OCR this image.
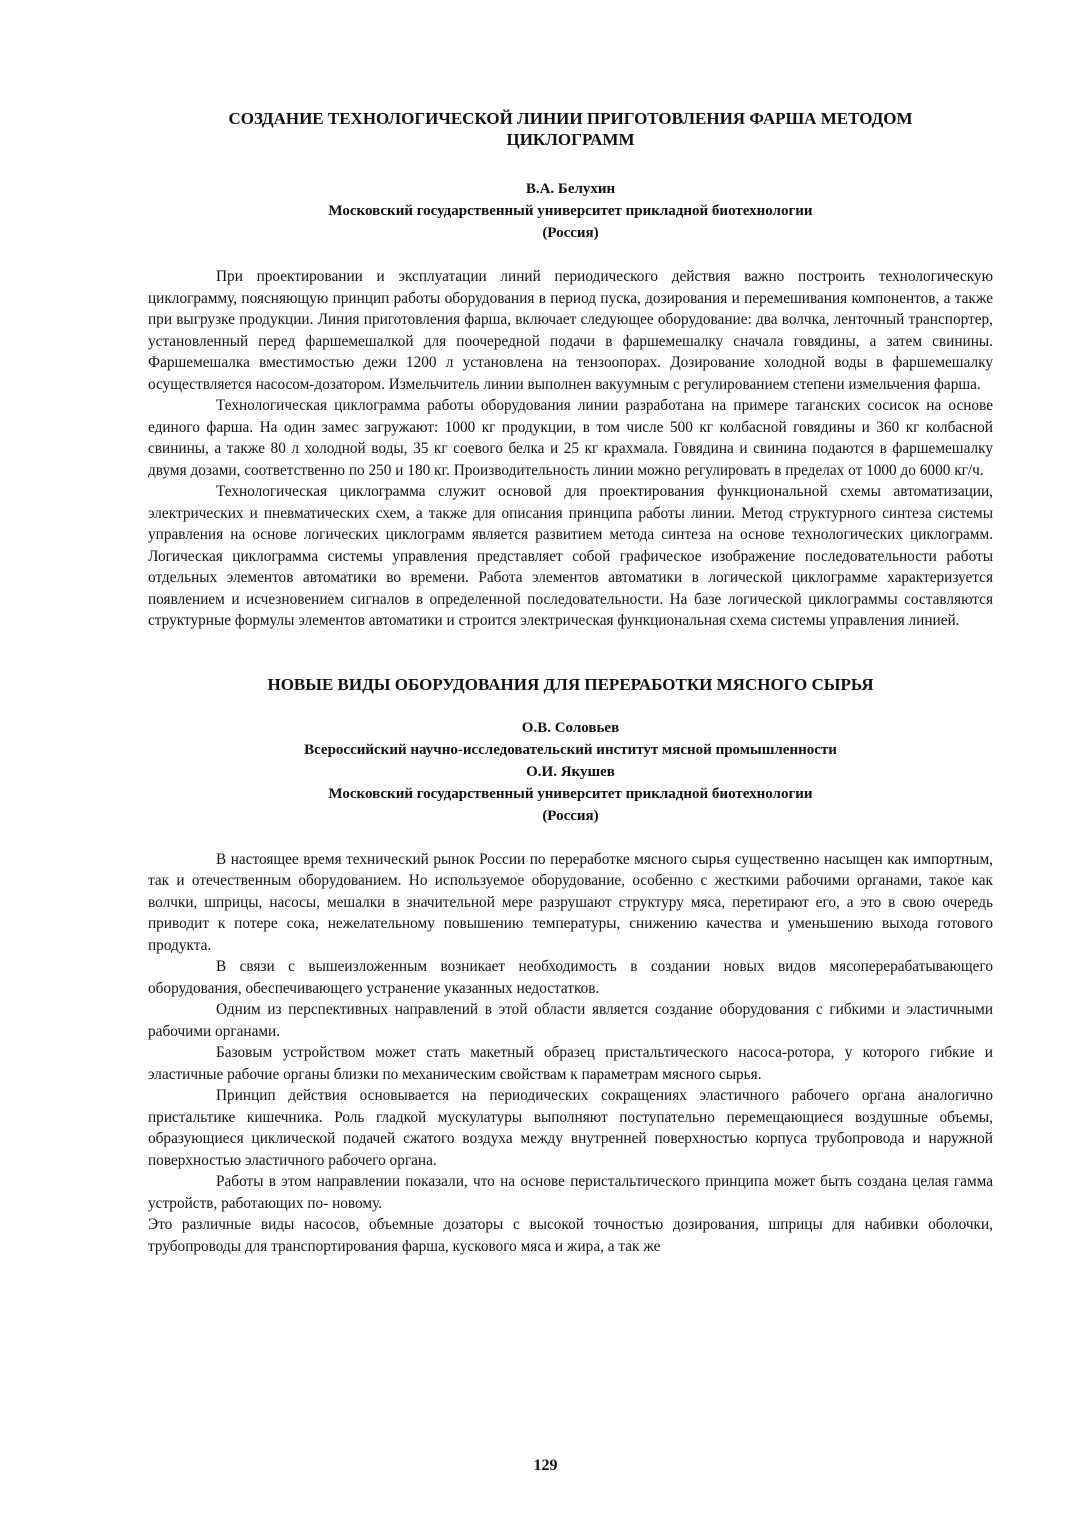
СОЗДАНИЕ ТЕХНОЛОГИЧЕСКОЙ ЛИНИИ ПРИГОТОВЛЕНИЯ ФАРША МЕТОДОМ
ЦИКЛОГРАММ
В.А. Белухин
Московский государственный университет прикладной биотехнологии
(Россия)

При проектировании и эксплуатации линий периодического действия важно построить технологическую циклограмму, поясняющую принцип работы оборудования в период пуска, дозирования и перемешивания компонентов, а также при выгрузке продукции. Линия приготовления фарша, включает следующее оборудование: два волчка, ленточный транспортер, установленный перед фаршемешалкой для поочередной подачи в фаршемешалку сначала говядины, а затем свинины. Фаршемешалка вместимостью дежи 1200 л установлена на тензоопорах. Дозирование холодной воды в фаршемешалку осуществляется насосом-дозатором. Измельчитель линии выполнен вакуумным с регулированием степени измельчения фарша.

Технологическая циклограмма работы оборудования линии разработана на примере таганских сосисок на основе единого фарша. На один замес загружают: 1000 кг продукции, в том числе 500 кг колбасной говядины и 360 кг колбасной свинины, а также 80 л холодной воды, 35 кг соевого белка и 25 кг крахмала. Говядина и свинина подаются в фаршемешалку двумя дозами, соответственно по 250 и 180 кг. Производительность линии можно регулировать в пределах от 1000 до 6000 кг/ч.

Технологическая циклограмма служит основой для проектирования функциональной схемы автоматизации, электрических и пневматических схем, а также для описания принципа работы линии. Метод структурного синтеза системы управления на основе логических циклограмм является развитием метода синтеза на основе технологических циклограмм. Логическая циклограмма системы управления представляет собой графическое изображение последовательности работы отдельных элементов автоматики во времени. Работа элементов автоматики в логической циклограмме характеризуется появлением и исчезновением сигналов в определенной последовательности. На базе логической циклограммы составляются структурные формулы элементов автоматики и строится электрическая функциональная схема системы управления линией.

НОВЫЕ ВИДЫ ОБОРУДОВАНИЯ ДЛЯ ПЕРЕРАБОТКИ МЯСНОГО СЫРЬЯ
О.В. Соловьев
Всероссийский научно-исследовательский институт мясной промышленности
О.И. Якушев
Московский государственный университет прикладной биотехнологии
(Россия)

В настоящее время технический рынок России по переработке мясного сырья существенно насыщен как импортным, так и отечественным оборудованием. Но используемое оборудование, особенно с жесткими рабочими органами, такое как волчки, шприцы, насосы, мешалки в значительной мере разрушают структуру мяса, перетирают его, а это в свою очередь приводит к потере сока, нежелательному повышению температуры, снижению качества и уменьшению выхода готового продукта.

В связи с вышеизложенным возникает необходимость в создании новых видов мясоперерабатывающего оборудования, обеспечивающего устранение указанных недостатков.

Одним из перспективных направлений в этой области является создание оборудования с гибкими и эластичными рабочими органами.

Базовым устройством может стать макетный образец пристальтического насоса-ротора, у которого гибкие и эластичные рабочие органы близки по механическим свойствам к параметрам мясного сырья.

Принцип действия основывается на периодических сокращениях эластичного рабочего органа аналогично пристальтике кишечника. Роль гладкой мускулатуры выполняют поступательно перемещающиеся воздушные объемы, образующиеся циклической подачей сжатого воздуха между внутренней поверхностью корпуса трубопровода и наружной поверхностью эластичного рабочего органа.

Работы в этом направлении показали, что на основе перистальтического принципа может быть создана целая гамма устройств, работающих по- новому.

Это различные виды насосов, объемные дозаторы с высокой точностью дозирования, шприцы для набивки оболочки, трубопроводы для транспортирования фарша, кускового мяса и жира, а так же

129
